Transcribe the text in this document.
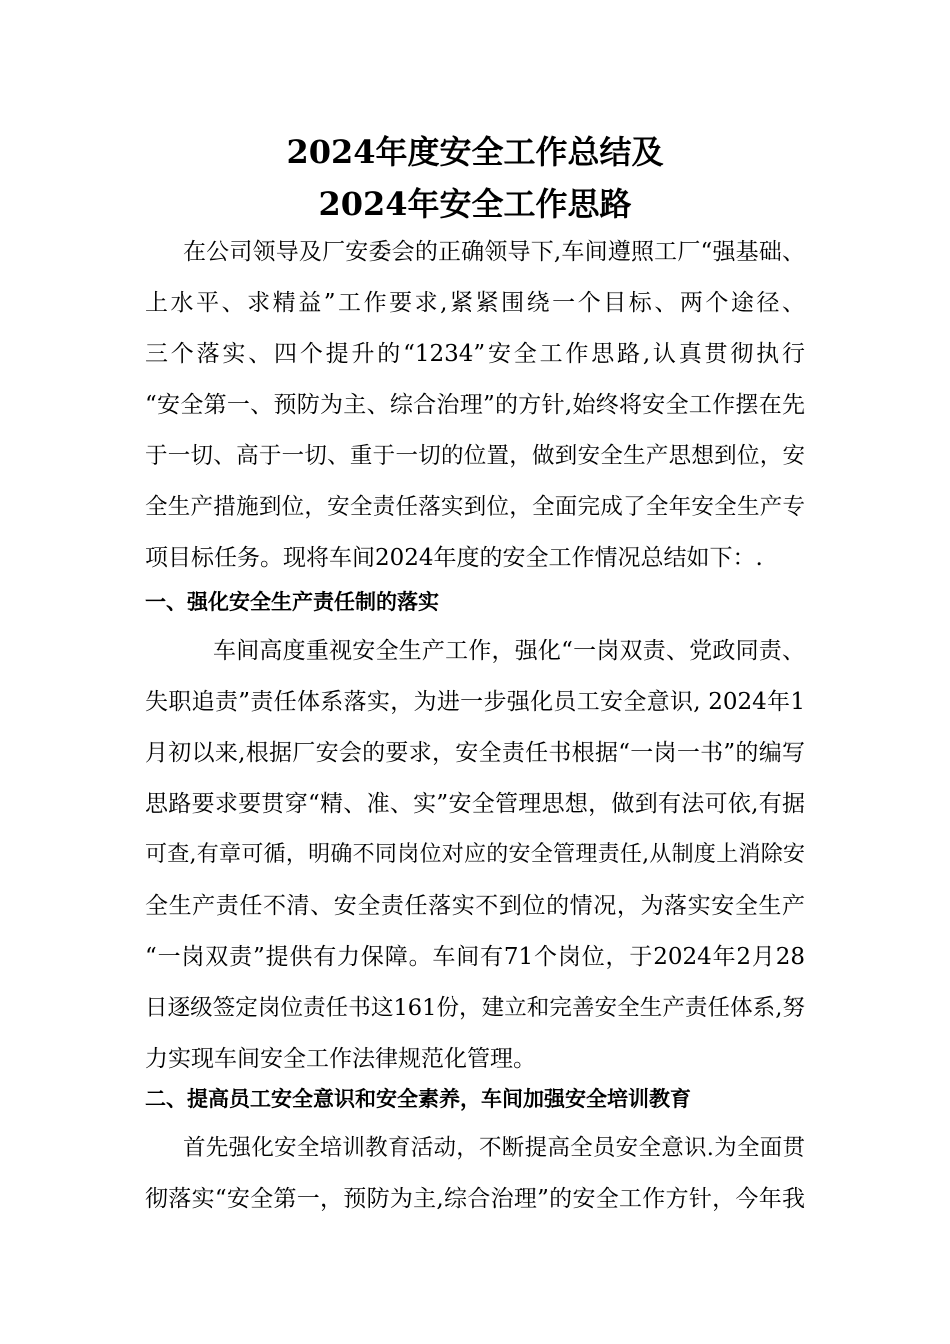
2024年度安全工作总结及
2024年安全工作思路
在公司领导及厂安委会的正确领导下,车间遵照工厂“强基础、
上水平、求精益”工作要求,紧紧围绕一个目标、两个途径、
三个落实、四个提升的“1234”安全工作思路,认真贯彻执行
“安全第一、预防为主、综合治理”的方针,始终将安全工作摆在先
于一切、高于一切、重于一切的位置，做到安全生产思想到位，安
全生产措施到位，安全责任落实到位，全面完成了全年安全生产专
项目标任务。现将车间2024年度的安全工作情况总结如下：.
一、强化安全生产责任制的落实
车间高度重视安全生产工作，强化“一岗双责、党政同责、
失职追责”责任体系落实，为进一步强化员工安全意识, 2024年1
月初以来,根据厂安会的要求，安全责任书根据“一岗一书”的编写
思路要求要贯穿“精、准、实”安全管理思想，做到有法可依,有据
可查,有章可循，明确不同岗位对应的安全管理责任,从制度上消除安
全生产责任不清、安全责任落实不到位的情况，为落实安全生产
“一岗双责”提供有力保障。车间有71个岗位，于2024年2月28
日逐级签定岗位责任书这161份，建立和完善安全生产责任体系,努
力实现车间安全工作法律规范化管理。
二、提高员工安全意识和安全素养，车间加强安全培训教育
首先强化安全培训教育活动，不断提高全员安全意识.为全面贯
彻落实“安全第一，预防为主,综合治理”的安全工作方针，今年我
